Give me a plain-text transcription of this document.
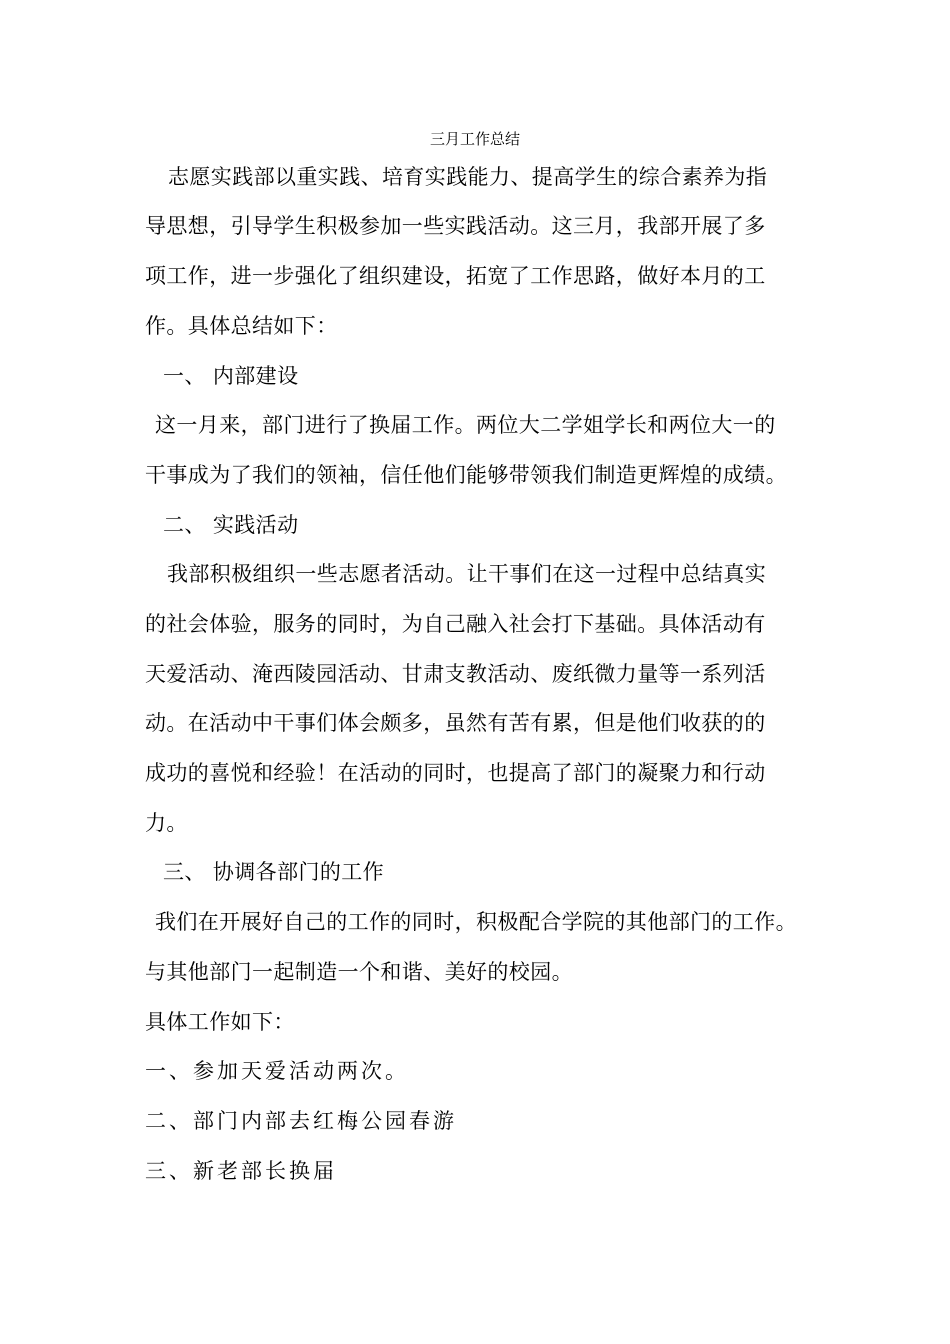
三月工作总结
志愿实践部以重实践、培育实践能力、提高学生的综合素养为指
导思想，引导学生积极参加一些实践活动。这三月，我部开展了多
项工作，进一步强化了组织建设，拓宽了工作思路，做好本月的工
作。具体总结如下：
一、 内部建设
这一月来，部门进行了换届工作。两位大二学姐学长和两位大一的
干事成为了我们的领袖，信任他们能够带领我们制造更辉煌的成绩。
二、 实践活动
我部积极组织一些志愿者活动。让干事们在这一过程中总结真实
的社会体验，服务的同时，为自己融入社会打下基础。具体活动有
天爱活动、淹西陵园活动、甘肃支教活动、废纸微力量等一系列活
动。在活动中干事们体会颇多，虽然有苦有累，但是他们收获的的
成功的喜悦和经验！在活动的同时，也提高了部门的凝聚力和行动
力。
三、 协调各部门的工作
我们在开展好自己的工作的同时，积极配合学院的其他部门的工作。
与其他部门一起制造一个和谐、美好的校园。
具体工作如下：
一、参加天爱活动两次。
二、部门内部去红梅公园春游
三、新老部长换届
